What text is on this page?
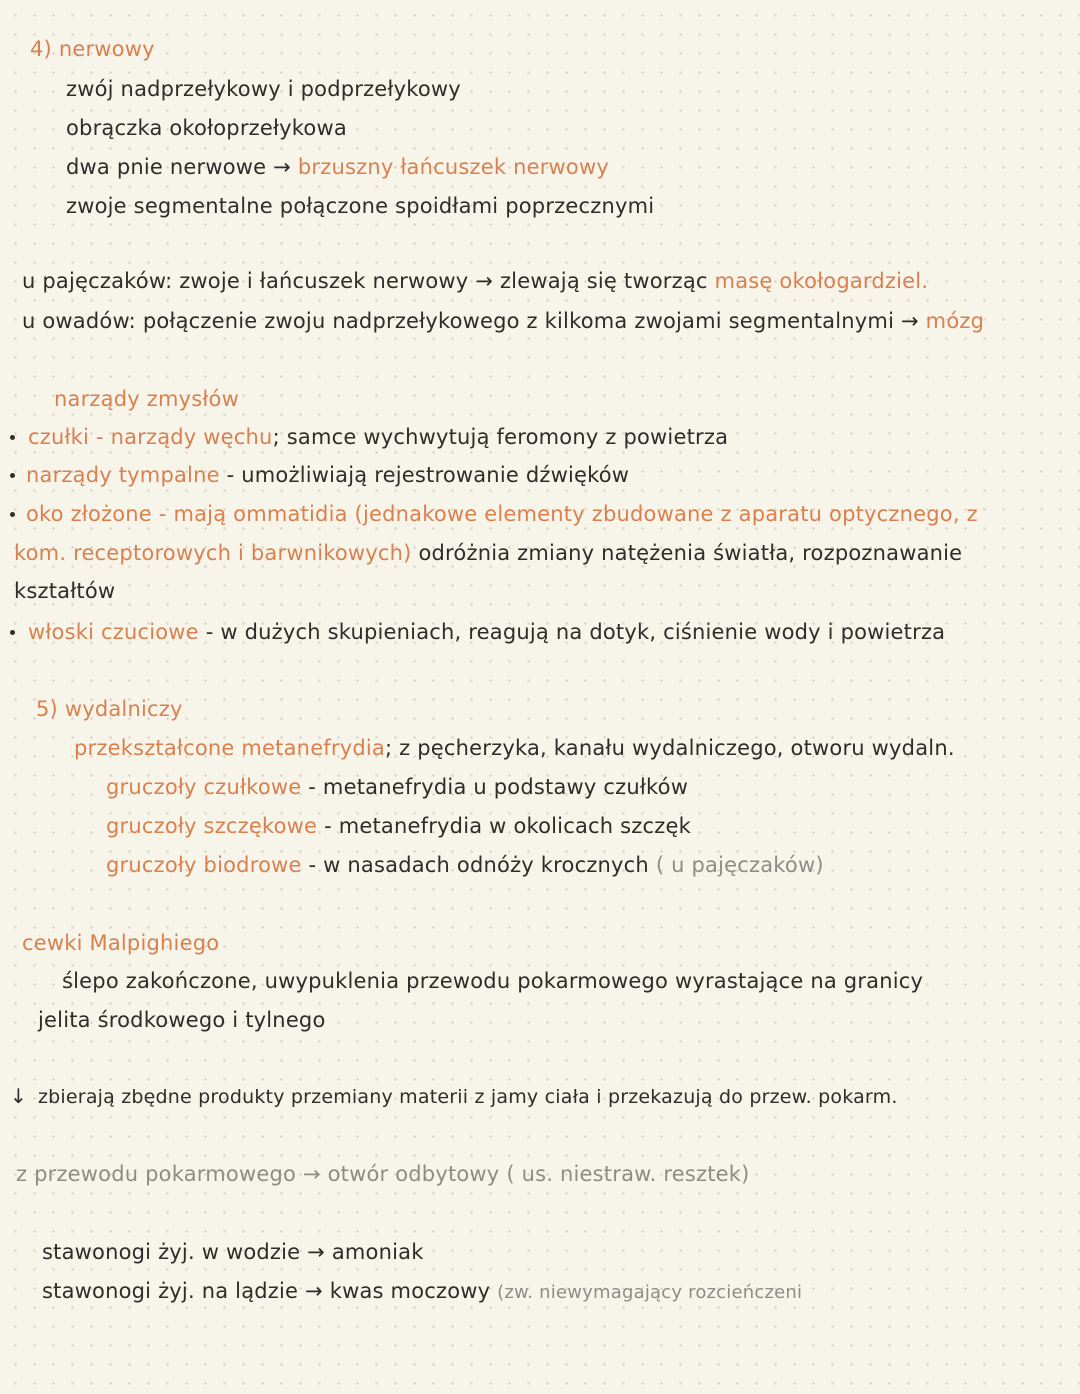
4) nerwowy
zwój nadprzełykowy i podprzełykowy
obrączka okołoprzełykowa
dwa pnie nerwowe → brzuszny łańcuszek nerwowy
zwoje segmentalne połączone spoidłami poprzecznymi
u pajęczaków: zwoje i łańcuszek nerwowy → zlewają się tworząc masę okołogardziel.
u owadów: połączenie zwoju nadprzełykowego z kilkoma zwojami segmentalnymi → mózg
narządy zmysłów
czułki - narządy węchu; samce wychwytują feromony z powietrza
narządy tympalne - umożliwiają rejestrowanie dźwięków
oko złożone - mają ommatidia (jednakowe elementy zbudowane z aparatu optycznego, z
kom. receptorowych i barwnikowych) odróżnia zmiany natężenia światła, rozpoznawanie
kształtów
włoski czuciowe - w dużych skupieniach, reagują na dotyk, ciśnienie wody i powietrza
5) wydalniczy
przekształcone metanefrydia; z pęcherzyka, kanału wydalniczego, otworu wydaln.
gruczoły czułkowe - metanefrydia u podstawy czułków
gruczoły szczękowe - metanefrydia w okolicach szczęk
gruczoły biodrowe - w nasadach odnóży krocznych ( u pajęczaków)
cewki Malpighiego
ślepo zakończone, uwypuklenia przewodu pokarmowego wyrastające na granicy
jelita środkowego i tylnego
↓ zbierają zbędne produkty przemiany materii z jamy ciała i przekazują do przew. pokarm.
z przewodu pokarmowego → otwór odbytowy ( us. niestraw. resztek)
stawonogi żyj. w wodzie → amoniak
stawonogi żyj. na lądzie → kwas moczowy (zw. niewymagający rozcieńczeni
